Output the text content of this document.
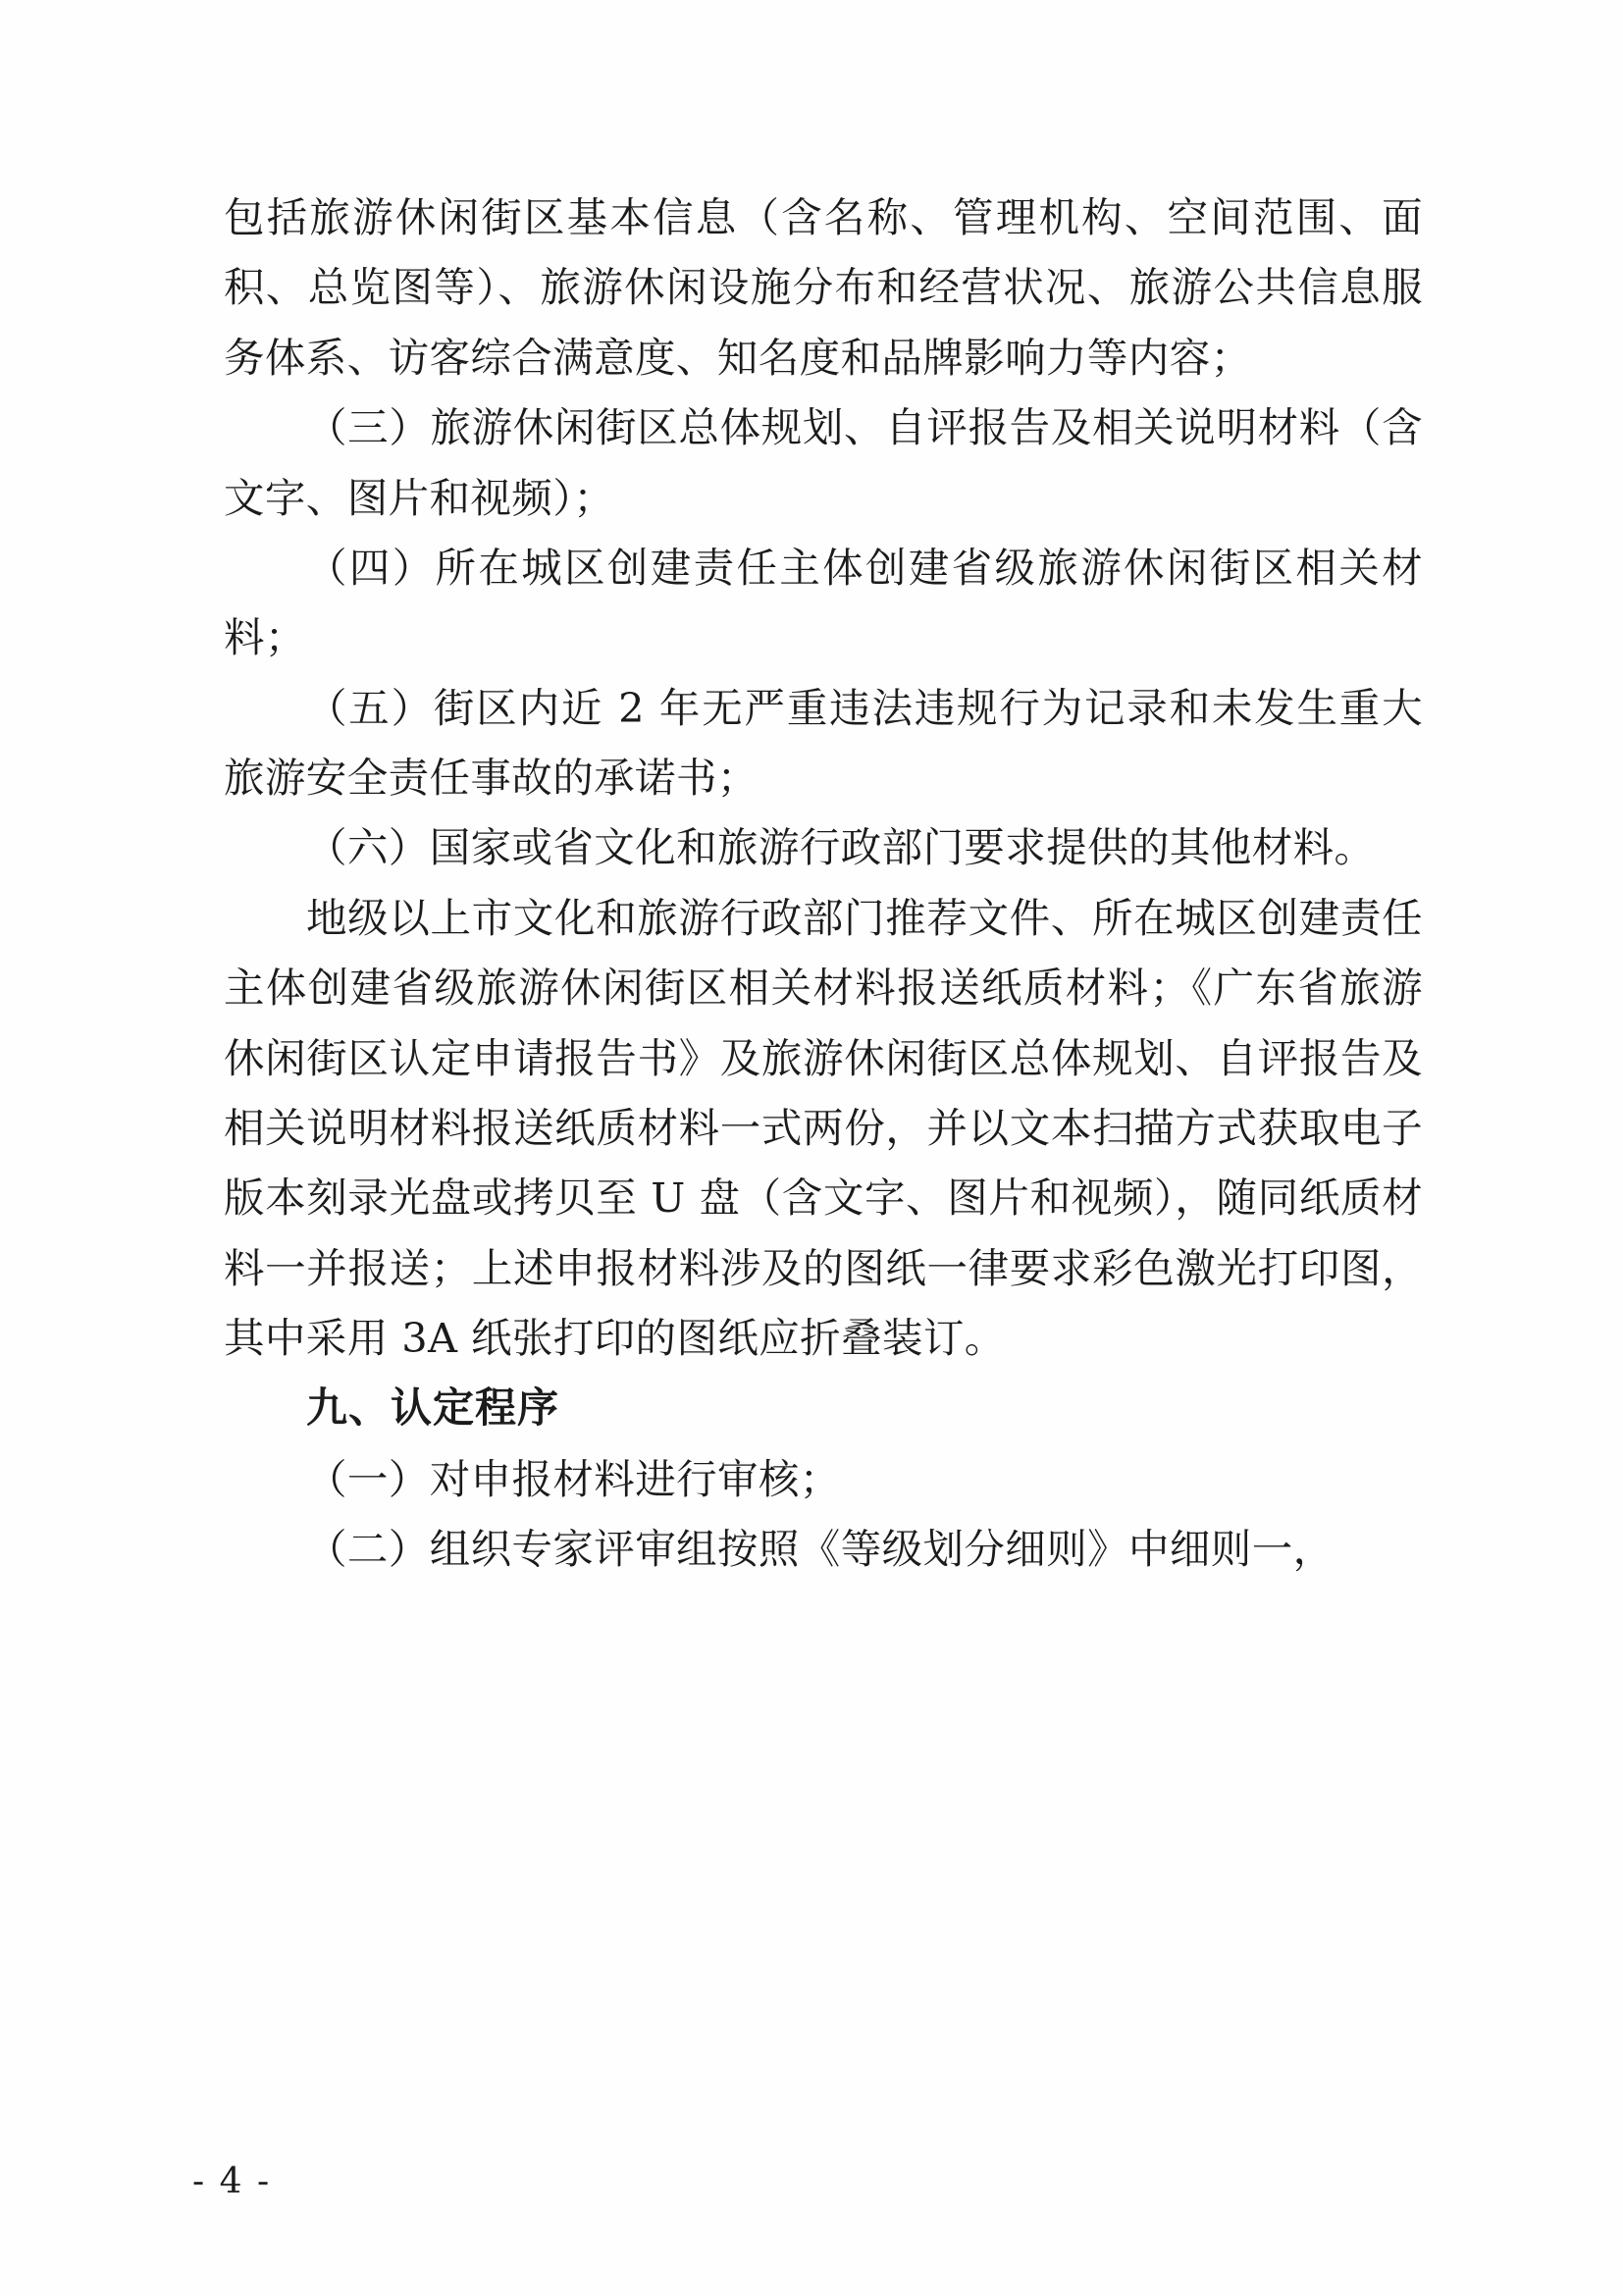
包括旅游休闲街区基本信息（含名称、管理机构、空间范围、面积、总览图等）、旅游休闲设施分布和经营状况、旅游公共信息服务体系、访客综合满意度、知名度和品牌影响力等内容；

（三）旅游休闲街区总体规划、自评报告及相关说明材料（含文字、图片和视频）；

（四）所在城区创建责任主体创建省级旅游休闲街区相关材料；

（五）街区内近 2 年无严重违法违规行为记录和未发生重大旅游安全责任事故的承诺书；

（六）国家或省文化和旅游行政部门要求提供的其他材料。

地级以上市文化和旅游行政部门推荐文件、所在城区创建责任主体创建省级旅游休闲街区相关材料报送纸质材料；《广东省旅游休闲街区认定申请报告书》及旅游休闲街区总体规划、自评报告及相关说明材料报送纸质材料一式两份，并以文本扫描方式获取电子版本刻录光盘或拷贝至 U 盘（含文字、图片和视频），随同纸质材料一并报送；上述申报材料涉及的图纸一律要求彩色激光打印图，其中采用 3A 纸张打印的图纸应折叠装订。

九、认定程序

（一）对申报材料进行审核；

（二）组织专家评审组按照《等级划分细则》中细则一，

- 4 -
